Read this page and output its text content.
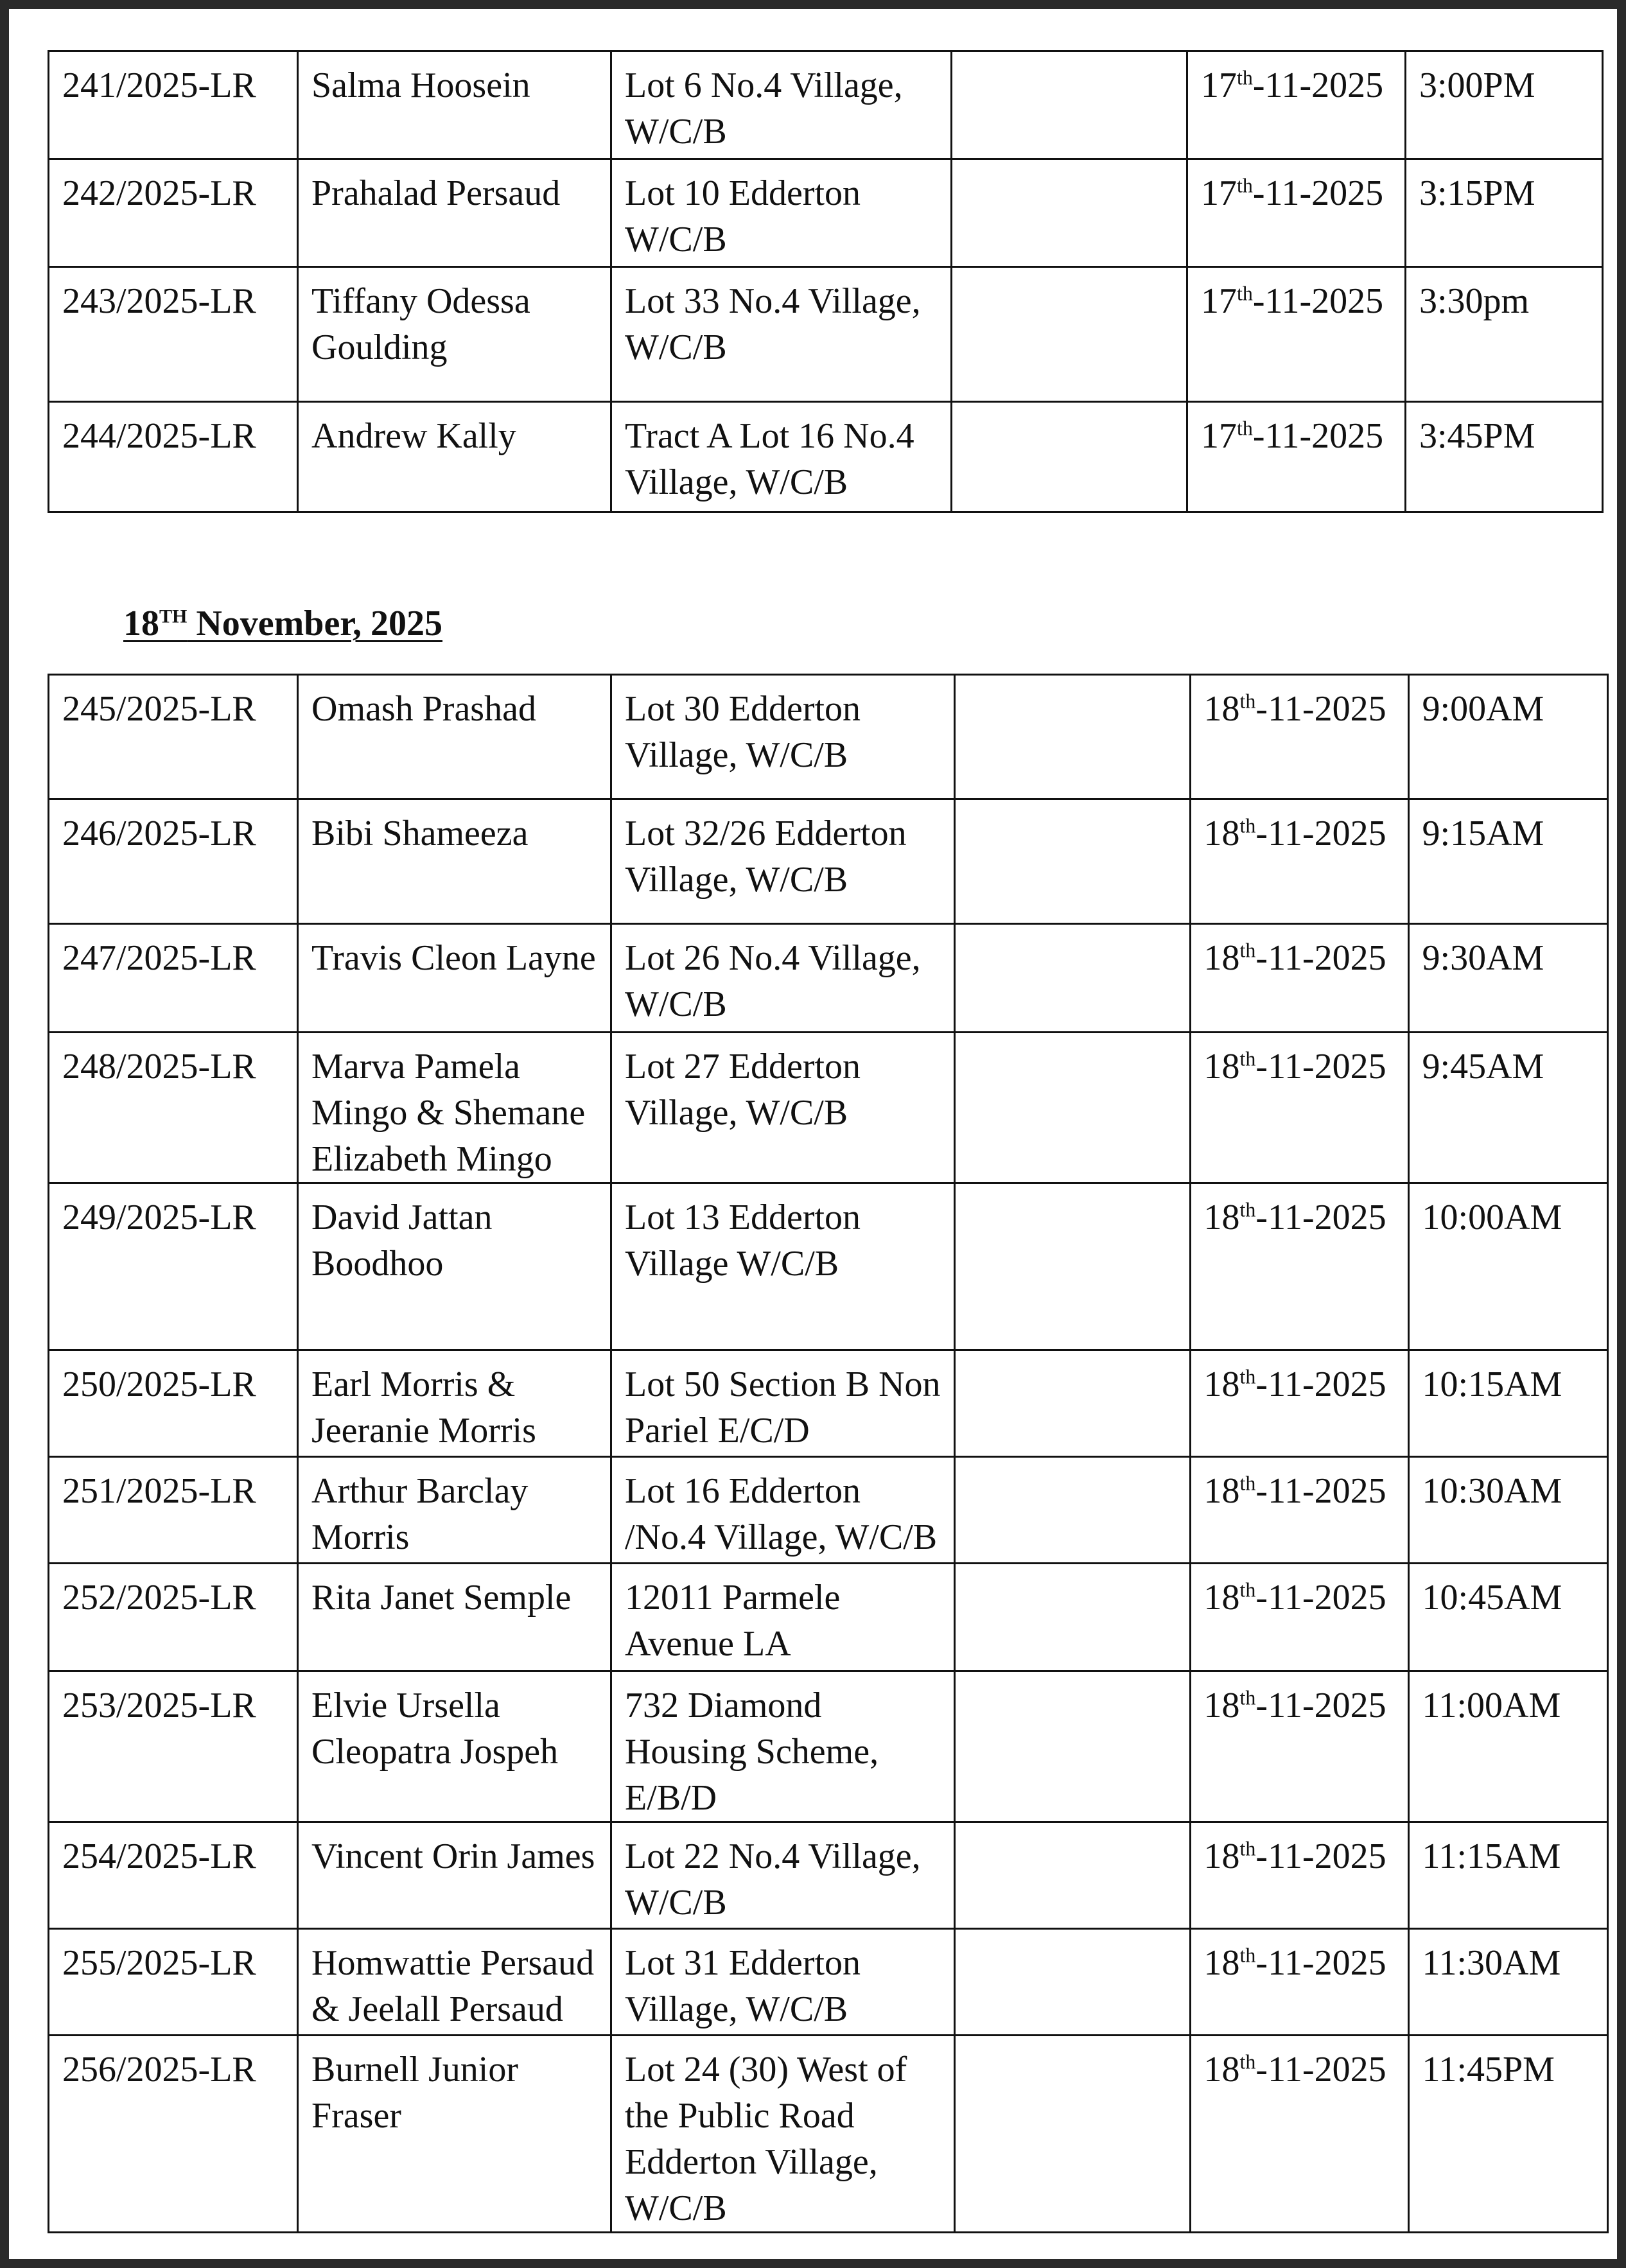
241/2025-LR	Salma Hoosein	Lot 6 No.4 Village,
W/C/B		17th-11-2025	3:00PM
242/2025-LR	Prahalad Persaud	Lot 10 Edderton
W/C/B		17th-11-2025	3:15PM
243/2025-LR	Tiffany Odessa
Goulding	Lot 33 No.4 Village,
W/C/B		17th-11-2025	3:30pm
244/2025-LR	Andrew Kally	Tract A Lot 16 No.4
Village, W/C/B		17th-11-2025	3:45PM
18TH November, 2025
245/2025-LR	Omash Prashad	Lot 30 Edderton
Village, W/C/B		18th-11-2025	9:00AM
246/2025-LR	Bibi Shameeza	Lot 32/26 Edderton
Village, W/C/B		18th-11-2025	9:15AM
247/2025-LR	Travis Cleon Layne	Lot 26 No.4 Village,
W/C/B		18th-11-2025	9:30AM
248/2025-LR	Marva Pamela
Mingo & Shemane
Elizabeth Mingo	Lot 27 Edderton
Village, W/C/B		18th-11-2025	9:45AM
249/2025-LR	David Jattan
Boodhoo	Lot 13 Edderton
Village W/C/B		18th-11-2025	10:00AM
250/2025-LR	Earl Morris &
Jeeranie Morris	Lot 50 Section B Non
Pariel E/C/D		18th-11-2025	10:15AM
251/2025-LR	Arthur Barclay
Morris	Lot 16 Edderton
/No.4 Village, W/C/B		18th-11-2025	10:30AM
252/2025-LR	Rita Janet Semple	12011 Parmele
Avenue LA		18th-11-2025	10:45AM
253/2025-LR	Elvie Ursella
Cleopatra Jospeh	732 Diamond
Housing Scheme,
E/B/D		18th-11-2025	11:00AM
254/2025-LR	Vincent Orin James	Lot 22 No.4 Village,
W/C/B		18th-11-2025	11:15AM
255/2025-LR	Homwattie Persaud
& Jeelall Persaud	Lot 31 Edderton
Village, W/C/B		18th-11-2025	11:30AM
256/2025-LR	Burnell Junior
Fraser	Lot 24 (30) West of
the Public Road
Edderton Village,
W/C/B		18th-11-2025	11:45PM
